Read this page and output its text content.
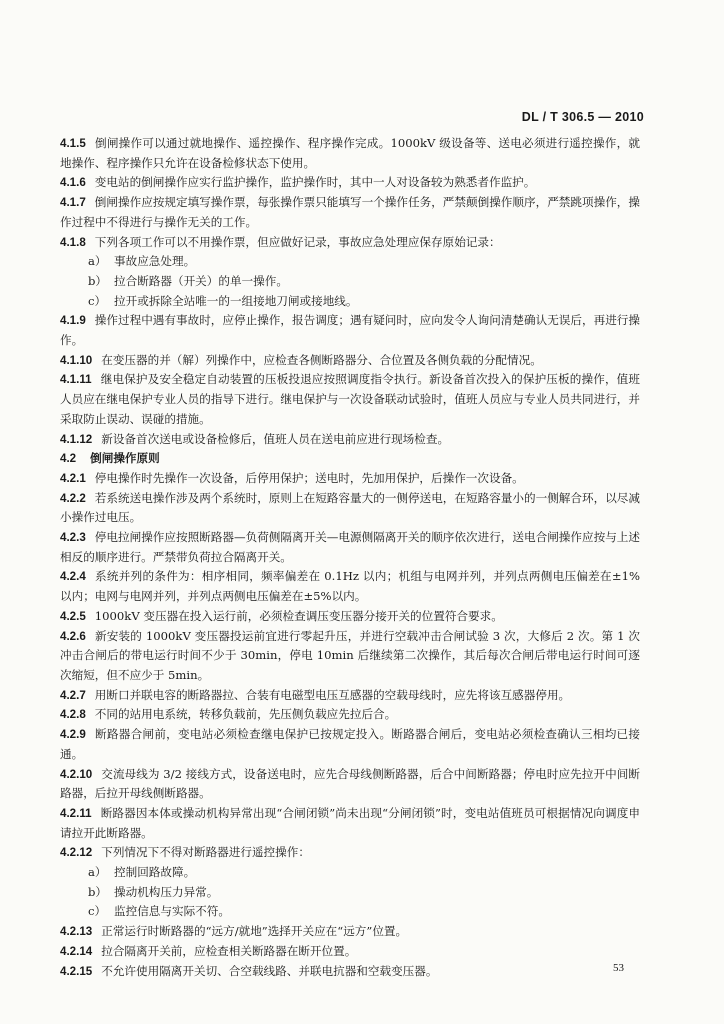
DL / T 306.5 — 2010

4.1.5 倒闸操作可以通过就地操作、遥控操作、程序操作完成。1000kV 级设备等、送电必须进行遥控操作，就地操作、程序操作只允许在设备检修状态下使用。

4.1.6 变电站的倒闸操作应实行监护操作，监护操作时，其中一人对设备较为熟悉者作监护。

4.1.7 倒闸操作应按规定填写操作票，每张操作票只能填写一个操作任务，严禁颠倒操作顺序，严禁跳项操作，操作过程中不得进行与操作无关的工作。

4.1.8 下列各项工作可以不用操作票，但应做好记录，事故应急处理应保存原始记录：

a） 事故应急处理。

b） 拉合断路器（开关）的单一操作。

c） 拉开或拆除全站唯一的一组接地刀闸或接地线。

4.1.9 操作过程中遇有事故时，应停止操作，报告调度；遇有疑问时，应向发令人询问清楚确认无误后，再进行操作。

4.1.10 在变压器的并（解）列操作中，应检查各侧断路器分、合位置及各侧负载的分配情况。

4.1.11 继电保护及安全稳定自动装置的压板投退应按照调度指令执行。新设备首次投入的保护压板的操作，值班人员应在继电保护专业人员的指导下进行。继电保护与一次设备联动试验时，值班人员应与专业人员共同进行，并采取防止误动、误碰的措施。

4.1.12 新设备首次送电或设备检修后，值班人员在送电前应进行现场检查。

4.2 倒闸操作原则

4.2.1 停电操作时先操作一次设备，后停用保护；送电时，先加用保护，后操作一次设备。

4.2.2 若系统送电操作涉及两个系统时，原则上在短路容量大的一侧停送电，在短路容量小的一侧解合环，以尽减小操作过电压。

4.2.3 停电拉闸操作应按照断路器—负荷侧隔离开关—电源侧隔离开关的顺序依次进行，送电合闸操作应按与上述相反的顺序进行。严禁带负荷拉合隔离开关。

4.2.4 系统并列的条件为：相序相同，频率偏差在 0.1Hz 以内；机组与电网并列，并列点两侧电压偏差在±1%以内；电网与电网并列，并列点两侧电压偏差在±5%以内。

4.2.5 1000kV 变压器在投入运行前，必须检查调压变压器分接开关的位置符合要求。

4.2.6 新安装的 1000kV 变压器投运前宜进行零起升压，并进行空载冲击合闸试验 3 次，大修后 2 次。第 1 次冲击合闸后的带电运行时间不少于 30min，停电 10min 后继续第二次操作，其后每次合闸后带电运行时间可逐次缩短，但不应少于 5min。

4.2.7 用断口并联电容的断路器拉、合装有电磁型电压互感器的空载母线时，应先将该互感器停用。

4.2.8 不同的站用电系统，转移负载前，先压侧负载应先拉后合。

4.2.9 断路器合闸前，变电站必须检查继电保护已按规定投入。断路器合闸后，变电站必须检查确认三相均已接通。

4.2.10 交流母线为 3/2 接线方式，设备送电时，应先合母线侧断路器，后合中间断路器；停电时应先拉开中间断路器，后拉开母线侧断路器。

4.2.11 断路器因本体或操动机构异常出现“合闸闭锁”尚未出现“分闸闭锁”时，变电站值班员可根据情况向调度申请拉开此断路器。

4.2.12 下列情况下不得对断路器进行遥控操作：

a） 控制回路故障。

b） 操动机构压力异常。

c） 监控信息与实际不符。

4.2.13 正常运行时断路器的“远方/就地”选择开关应在“远方”位置。

4.2.14 拉合隔离开关前，应检查相关断路器在断开位置。

4.2.15 不允许使用隔离开关切、合空载线路、并联电抗器和空载变压器。	53
